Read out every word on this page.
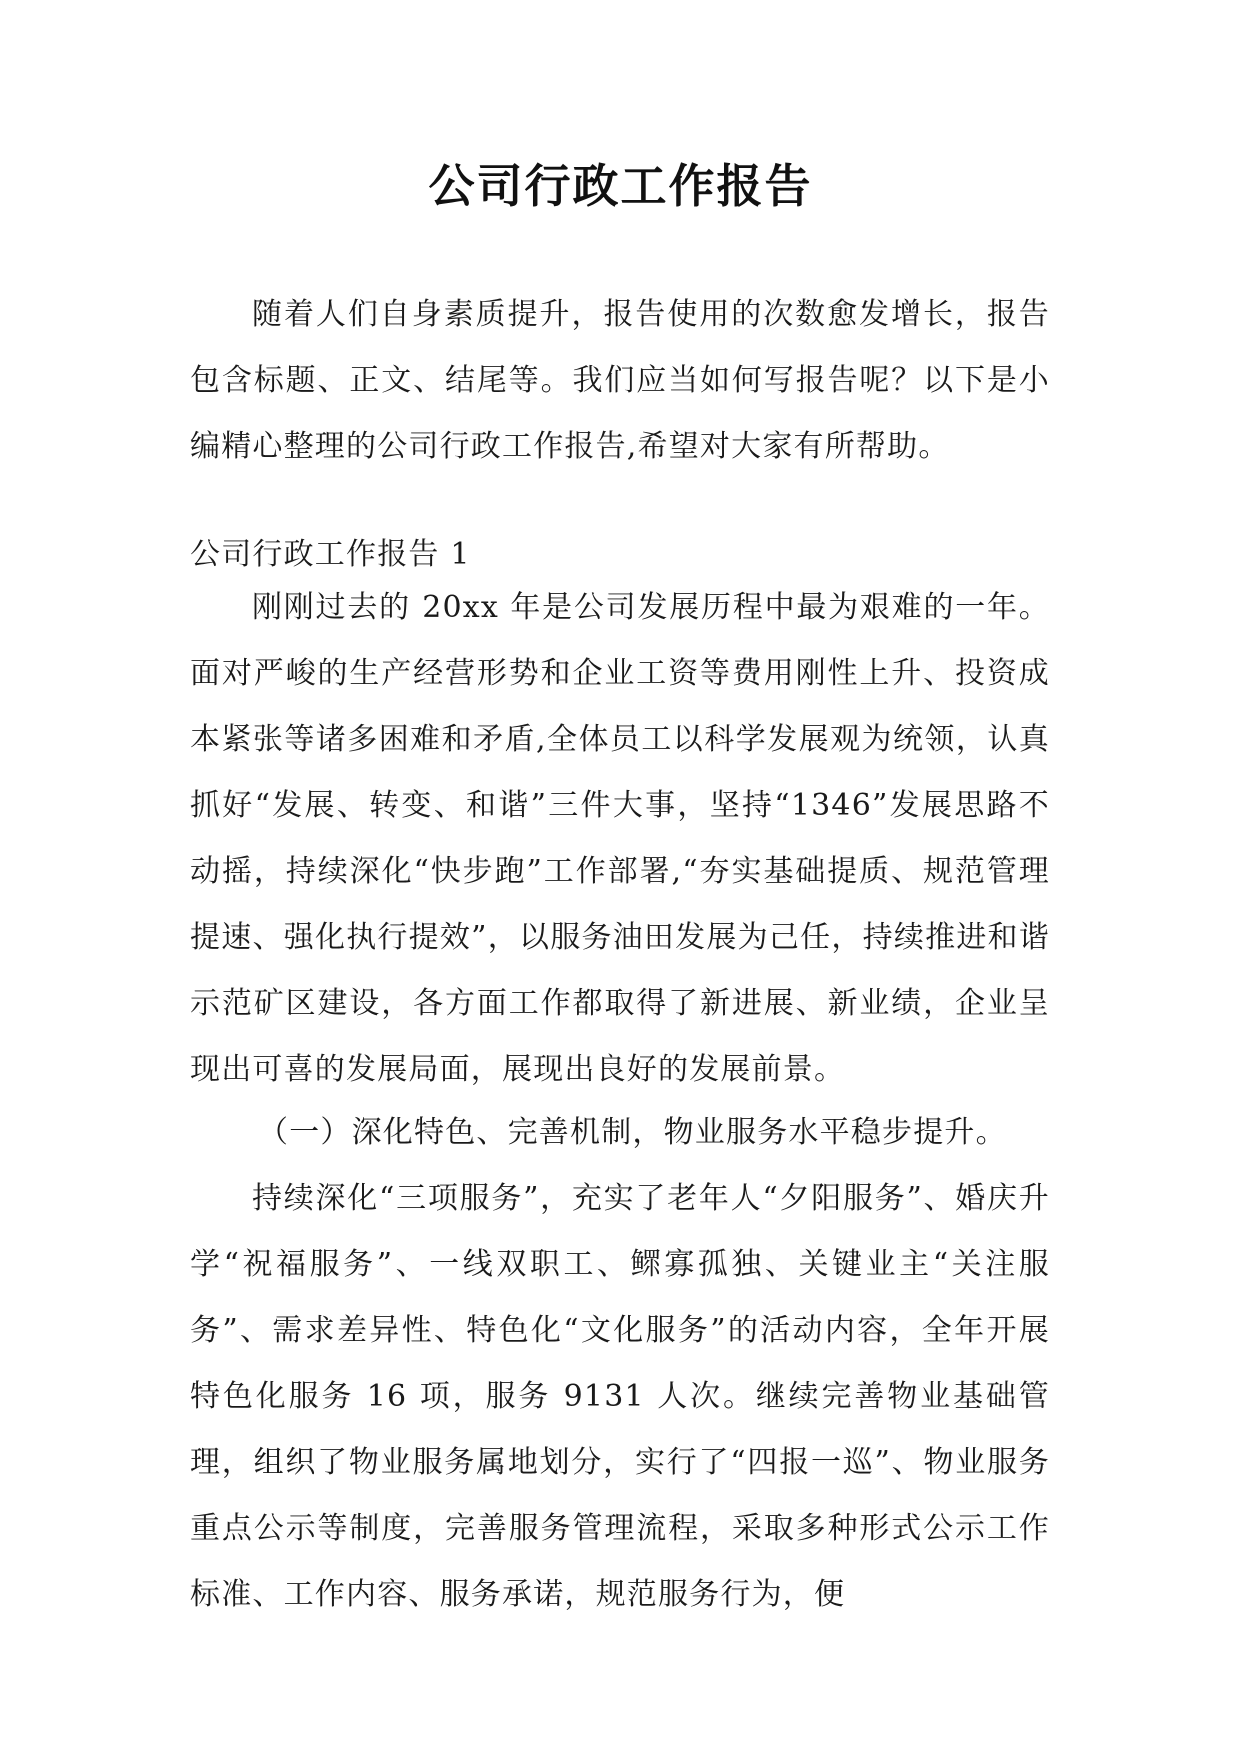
公司行政工作报告

随着人们自身素质提升，报告使用的次数愈发增长，报告包含标题、正文、结尾等。我们应当如何写报告呢？以下是小编精心整理的公司行政工作报告,希望对大家有所帮助。

公司行政工作报告 1

刚刚过去的 20xx 年是公司发展历程中最为艰难的一年。面对严峻的生产经营形势和企业工资等费用刚性上升、投资成本紧张等诸多困难和矛盾,全体员工以科学发展观为统领，认真抓好“发展、转变、和谐”三件大事，坚持“1346”发展思路不动摇，持续深化“快步跑”工作部署,“夯实基础提质、规范管理提速、强化执行提效”，以服务油田发展为己任，持续推进和谐示范矿区建设，各方面工作都取得了新进展、新业绩，企业呈现出可喜的发展局面，展现出良好的发展前景。

（一）深化特色、完善机制，物业服务水平稳步提升。

持续深化“三项服务”，充实了老年人“夕阳服务”、婚庆升学“祝福服务”、一线双职工、鳏寡孤独、关键业主“关注服务”、需求差异性、特色化“文化服务”的活动内容，全年开展特色化服务 16 项，服务 9131 人次。继续完善物业基础管理，组织了物业服务属地划分，实行了“四报一巡”、物业服务重点公示等制度，完善服务管理流程，采取多种形式公示工作标准、工作内容、服务承诺，规范服务行为，便
